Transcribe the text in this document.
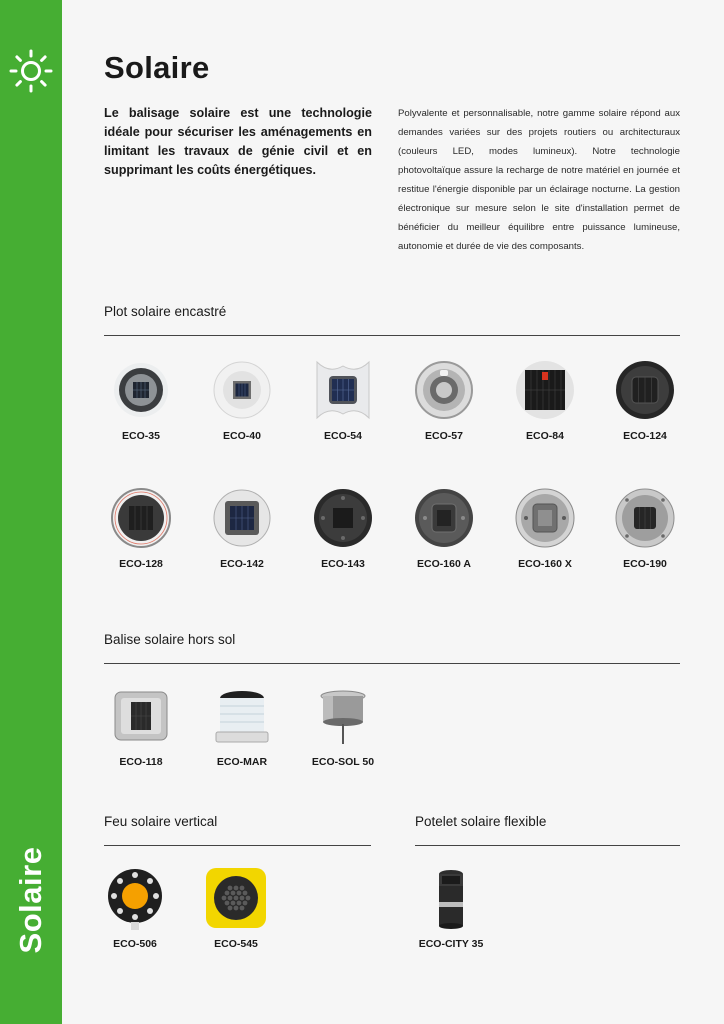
Solaire
Solaire

Le balisage solaire est une technologie idéale pour sécuriser les aménagements en limitant les travaux de génie civil et en supprimant les coûts énergétiques.

Polyvalente et personnalisable, notre gamme solaire répond aux demandes variées sur des projets routiers ou architecturaux (couleurs LED, modes lumineux). Notre technologie photovoltaïque assure la recharge de notre matériel en journée et restitue l'énergie disponible par un éclairage nocturne. La gestion électronique sur mesure selon le site d'installation permet de bénéficier du meilleur équilibre entre puissance lumineuse, autonomie et durée de vie des composants.

Plot solaire encastré
ECO-35	ECO-40	ECO-54	ECO-57	ECO-84	ECO-124
ECO-128	ECO-142	ECO-143	ECO-160 A	ECO-160 X	ECO-190
Balise solaire hors sol
ECO-118	ECO-MAR	ECO-SOL 50
Feu solaire vertical
ECO-506	ECO-545
Potelet solaire flexible
ECO-CITY 35
